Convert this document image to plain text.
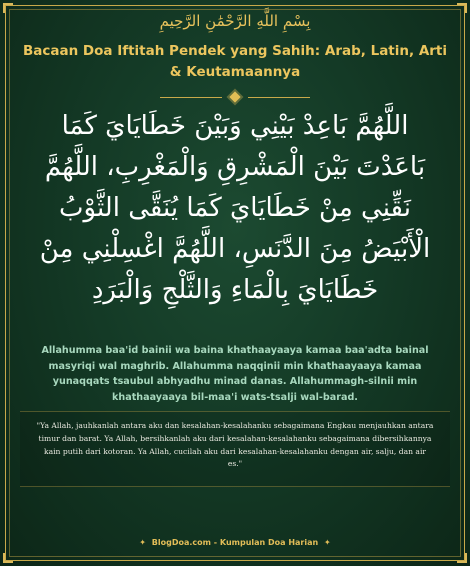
بِسْمِ اللَّهِ الرَّحْمَٰنِ الرَّحِيمِ
Bacaan Doa Iftitah Pendek yang Sahih: Arab, Latin, Arti & Keutamaannya
اللَّهُمَّ بَاعِدْ بَيْنِي وَبَيْنَ خَطَايَايَ كَمَا بَاعَدْتَ بَيْنَ الْمَشْرِقِ وَالْمَغْرِبِ، اللَّهُمَّ نَقِّنِي مِنْ خَطَايَايَ كَمَا يُنَقَّى الثَّوْبُ الْأَبْيَضُ مِنَ الدَّنَسِ، اللَّهُمَّ اغْسِلْنِي مِنْ خَطَايَايَ بِالْمَاءِ وَالثَّلْجِ وَالْبَرَدِ
Allahumma baa'id bainii wa baina khathaayaaya kamaa baa'adta bainal masyriqi wal maghrib. Allahumma naqqinii min khathaayaaya kamaa yunaqqats tsaubul abhyadhu minad danas. Allahummagh-silnii min khathaayaaya bil-maa'i wats-tsalji wal-barad.
"Ya Allah, jauhkanlah antara aku dan kesalahan-kesalahanku sebagaimana Engkau menjauhkan antara timur dan barat. Ya Allah, bersihkanlah aku dari kesalahan-kesalahanku sebagaimana dibersihkannya kain putih dari kotoran. Ya Allah, cucilah aku dari kesalahan-kesalahanku dengan air, salju, dan air es."
✦ BlogDoa.com - Kumpulan Doa Harian ✦
